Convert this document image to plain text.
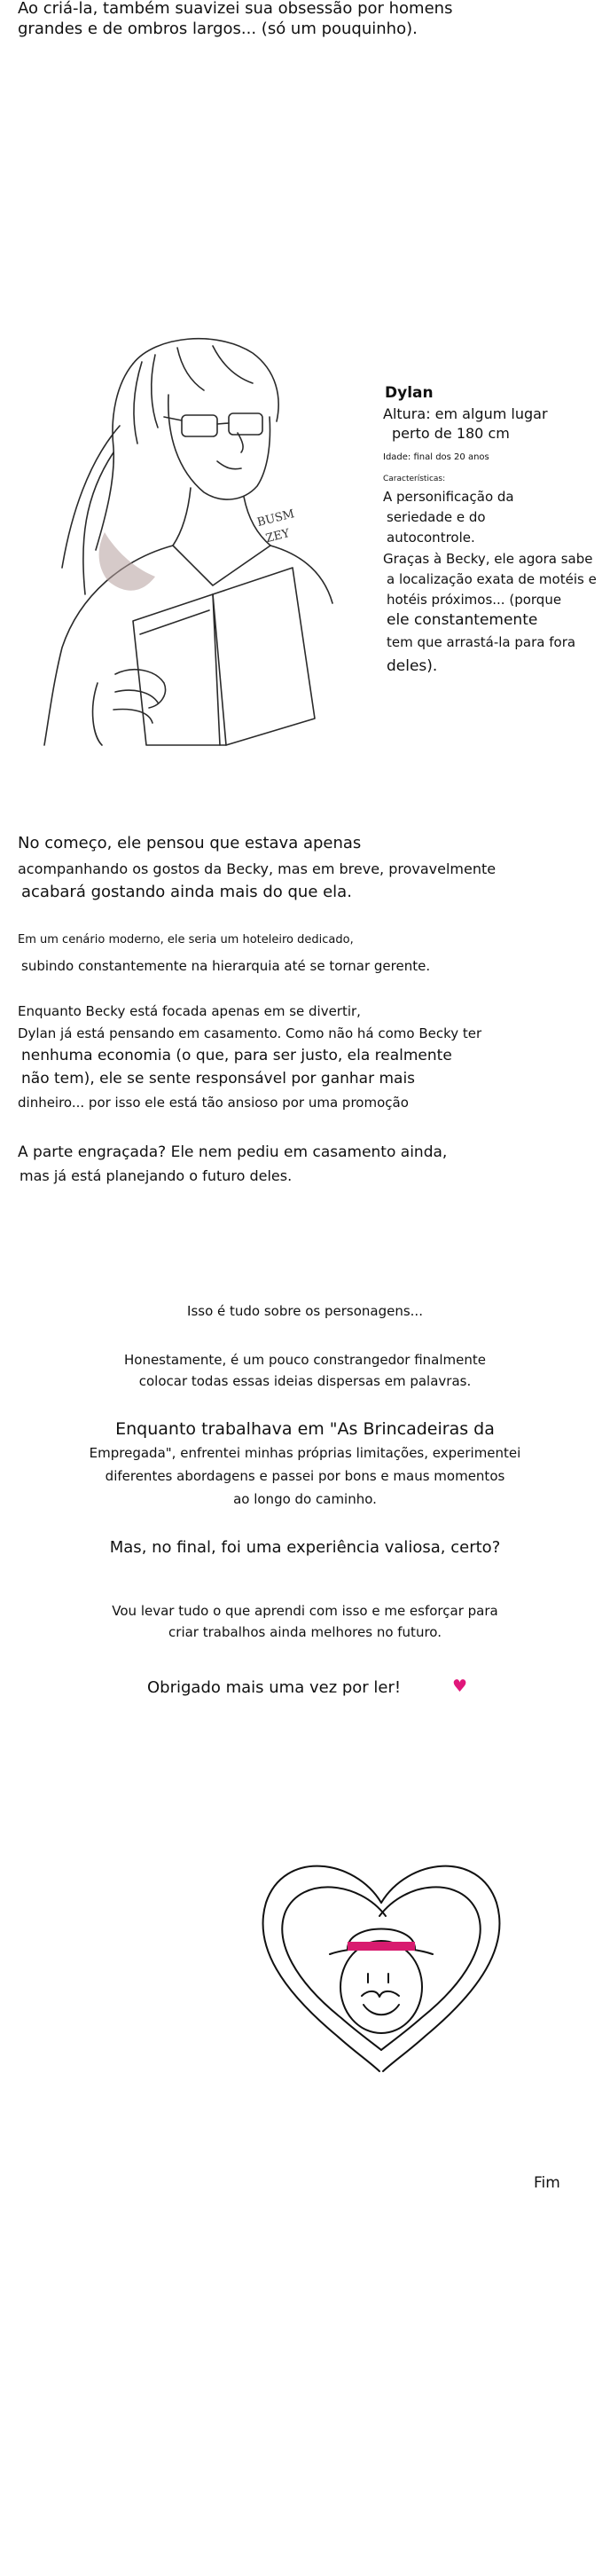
Ao criá-la, também suavizei sua obsessão por homens
grandes e de ombros largos... (só um pouquinho).
BUSM
ZEY
Dylan
Altura: em algum lugar
perto de 180 cm
Idade: final dos 20 anos
Características:
A personificação da
seriedade e do
autocontrole.
Graças à Becky, ele agora sabe
a localização exata de motéis e
hotéis próximos... (porque
ele constantemente
tem que arrastá-la para fora
deles).
No começo, ele pensou que estava apenas
acompanhando os gostos da Becky, mas em breve, provavelmente
acabará gostando ainda mais do que ela.
Em um cenário moderno, ele seria um hoteleiro dedicado,
subindo constantemente na hierarquia até se tornar gerente.
Enquanto Becky está focada apenas em se divertir,
Dylan já está pensando em casamento. Como não há como Becky ter
nenhuma economia (o que, para ser justo, ela realmente
não tem), ele se sente responsável por ganhar mais
dinheiro... por isso ele está tão ansioso por uma promoção
A parte engraçada? Ele nem pediu em casamento ainda,
mas já está planejando o futuro deles.
Isso é tudo sobre os personagens...
Honestamente, é um pouco constrangedor finalmente
colocar todas essas ideias dispersas em palavras.
Enquanto trabalhava em "As Brincadeiras da
Empregada", enfrentei minhas próprias limitações, experimentei
diferentes abordagens e passei por bons e maus momentos
ao longo do caminho.
Mas, no final, foi uma experiência valiosa, certo?
Vou levar tudo o que aprendi com isso e me esforçar para
criar trabalhos ainda melhores no futuro.
Obrigado mais uma vez por ler!	♥
Fim
